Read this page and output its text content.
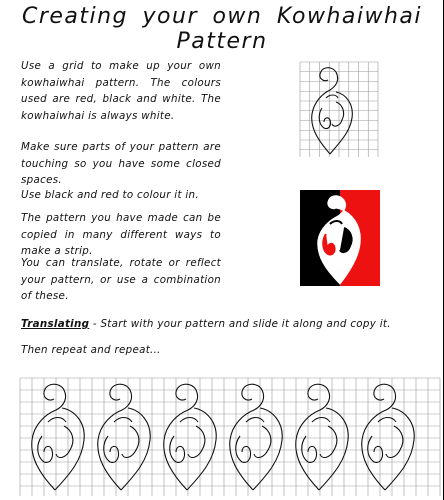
Creating your own Kowhaiwhai Pattern
Use a grid to make up your own kowhaiwhai pattern. The colours used are red, black and white. The kowhaiwhai is always white.
Make sure parts of your pattern are touching so you have some closed spaces.
Use black and red to colour it in.
The pattern you have made can be copied in many different ways to make a strip.
You can translate, rotate or reflect your pattern, or use a combination of these.
Translating - Start with your pattern and slide it along and copy it.
Then repeat and repeat...
